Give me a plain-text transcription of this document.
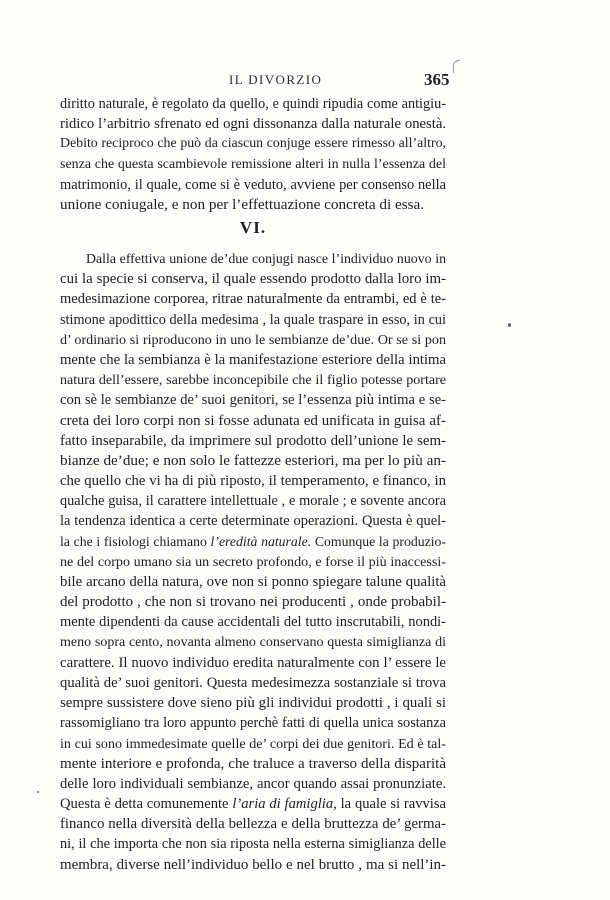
IL DIVORZIO	365
diritto naturale, è regolato da quello, e quindi ripudia come antigiu-
ridico l’arbitrio sfrenato ed ogni dissonanza dalla naturale onestà.
Debito reciproco che può da ciascun conjuge essere rimesso all’altro,
senza che questa scambievole remissione alteri in nulla l’essenza del
matrimonio, il quale, come si è veduto, avviene per consenso nella
unione coniugale, e non per l’effettuazione concreta di essa.
VI.
Dalla effettiva unione de’due conjugi nasce l’individuo nuovo in
cui la specie si conserva, il quale essendo prodotto dalla loro im-
medesimazione corporea, ritrae naturalmente da entrambi, ed è te-
stimone apodittico della medesima , la quale traspare in esso, in cui
d’ ordinario si riproducono in uno le sembianze de’due. Or se si pon
mente che la sembianza è la manifestazione esteriore della intima
natura dell’essere, sarebbe inconcepibile che il figlio potesse portare
con sè le sembianze de’ suoi genitori, se l’essenza più intima e se-
creta dei loro corpi non si fosse adunata ed unificata in guisa af-
fatto inseparabile, da imprimere sul prodotto dell’unione le sem-
bianze de’due; e non solo le fattezze esteriori, ma per lo più an-
che quello che vi ha di più riposto, il temperamento, e financo, in
qualche guisa, il carattere intellettuale , e morale ; e sovente ancora
la tendenza identica a certe determinate operazioni. Questa è quel-
la che i fisiologi chiamano l’eredità naturale. Comunque la produzio-
ne del corpo umano sia un secreto profondo, e forse il più inaccessi-
bile arcano della natura, ove non si ponno spiegare talune qualità
del prodotto , che non si trovano nei producenti , onde probabil-
mente dipendenti da cause accidentali del tutto inscrutabili, nondi-
meno sopra cento, novanta almeno conservano questa simiglianza di
carattere. Il nuovo individuo eredita naturalmente con l’ essere le
qualità de’ suoi genitori. Questa medesimezza sostanziale si trova
sempre sussistere dove sieno più gli individui prodotti , i quali si
rassomigliano tra loro appunto perchè fatti di quella unica sostanza
in cui sono immedesimate quelle de’ corpi dei due genitori. Ed è tal-
mente interiore e profonda, che traluce a traverso della disparità
delle loro individuali sembianze, ancor quando assai pronunziate.
Questa è detta comunemente l’aria di famiglia, la quale si ravvisa
financo nella diversità della bellezza e della bruttezza de’ germa-
ni, il che importa che non sia riposta nella esterna simiglianza delle
membra, diverse nell’individuo bello e nel brutto , ma si nell’in-
